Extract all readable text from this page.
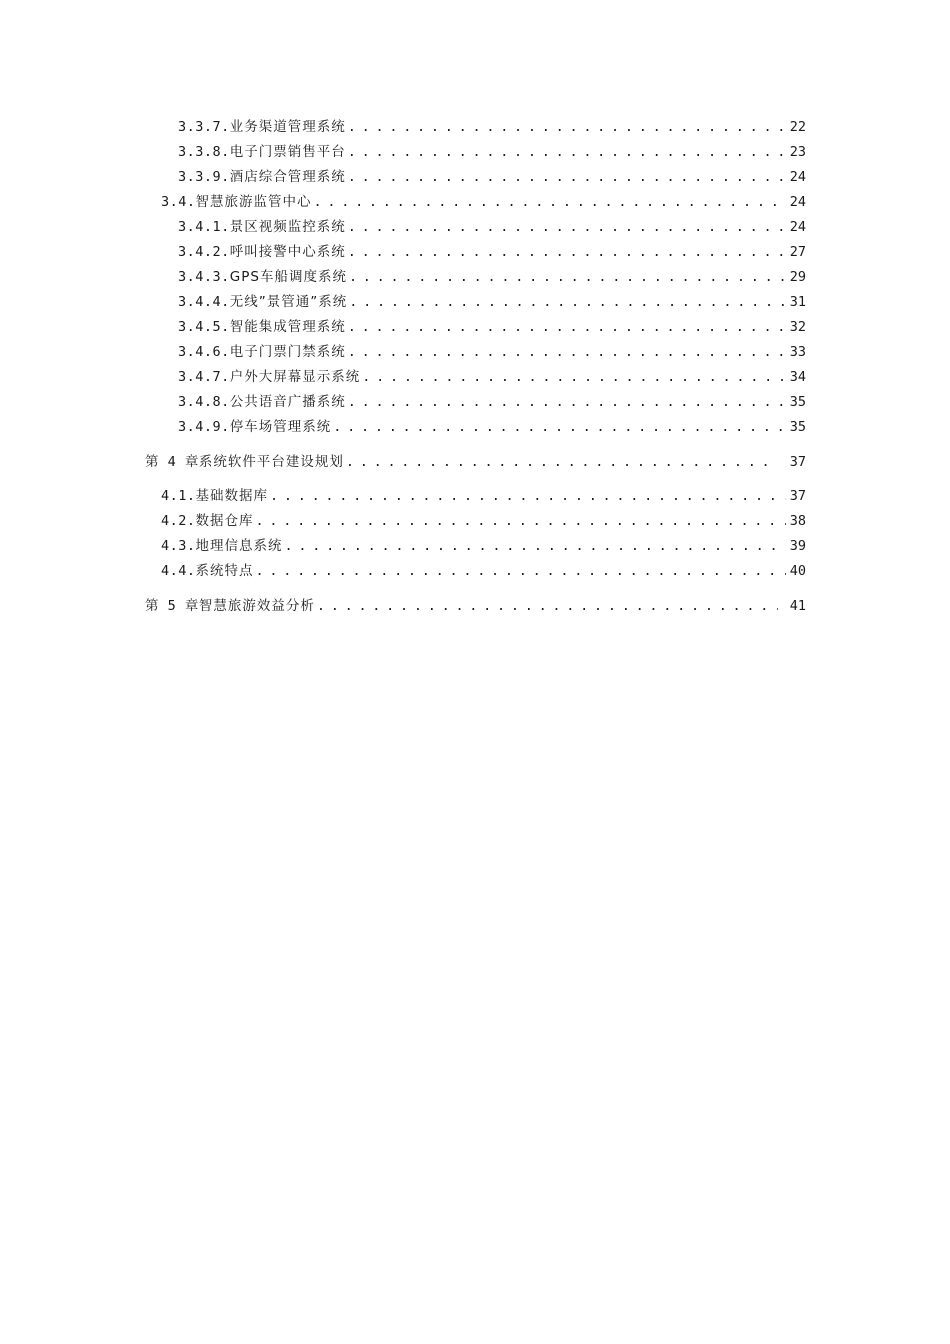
3.3.7. 业务渠道管理系统 . . .	22
3.3.8. 电子门票销售平台 . . .	23
3.3.9. 酒店综合管理系统 . . .	24
3.4. 智慧旅游监管中心 . . .	24
3.4.1. 景区视频监控系统 . . .	24
3.4.2. 呼叫接警中心系统 . . .	27
3.4.3. GPS车船调度系统 . . .	29
3.4.4. 无线”景管通”系统 . . .	31
3.4.5. 智能集成管理系统 . . .	32
3.4.6. 电子门票门禁系统 . . .	33
3.4.7. 户外大屏幕显示系统 . . .	34
3.4.8. 公共语音广播系统 . . .	35
3.4.9. 停车场管理系统 . . .	35
第 4 章 系统软件平台建设规划 . . .	37
4.1. 基础数据库 . . .	37
4.2. 数据仓库 . . .	38
4.3. 地理信息系统 . . .	39
4.4. 系统特点 . . .	40
第 5 章 智慧旅游效益分析 . . .	41
